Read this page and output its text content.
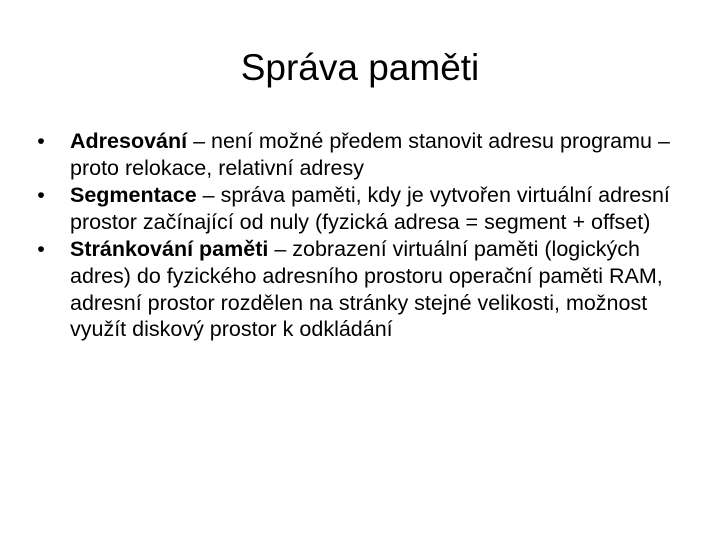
Správa paměti
•	Adresování – není možné předem stanovit adresu programu – proto relokace, relativní adresy
•	Segmentace – správa paměti, kdy je vytvořen virtuální adresní prostor začínající od nuly (fyzická adresa = segment + offset)
•	Stránkování paměti – zobrazení virtuální paměti (logických adres) do fyzického adresního prostoru operační paměti RAM, adresní prostor rozdělen na stránky stejné velikosti, možnost využít diskový prostor k odkládání
